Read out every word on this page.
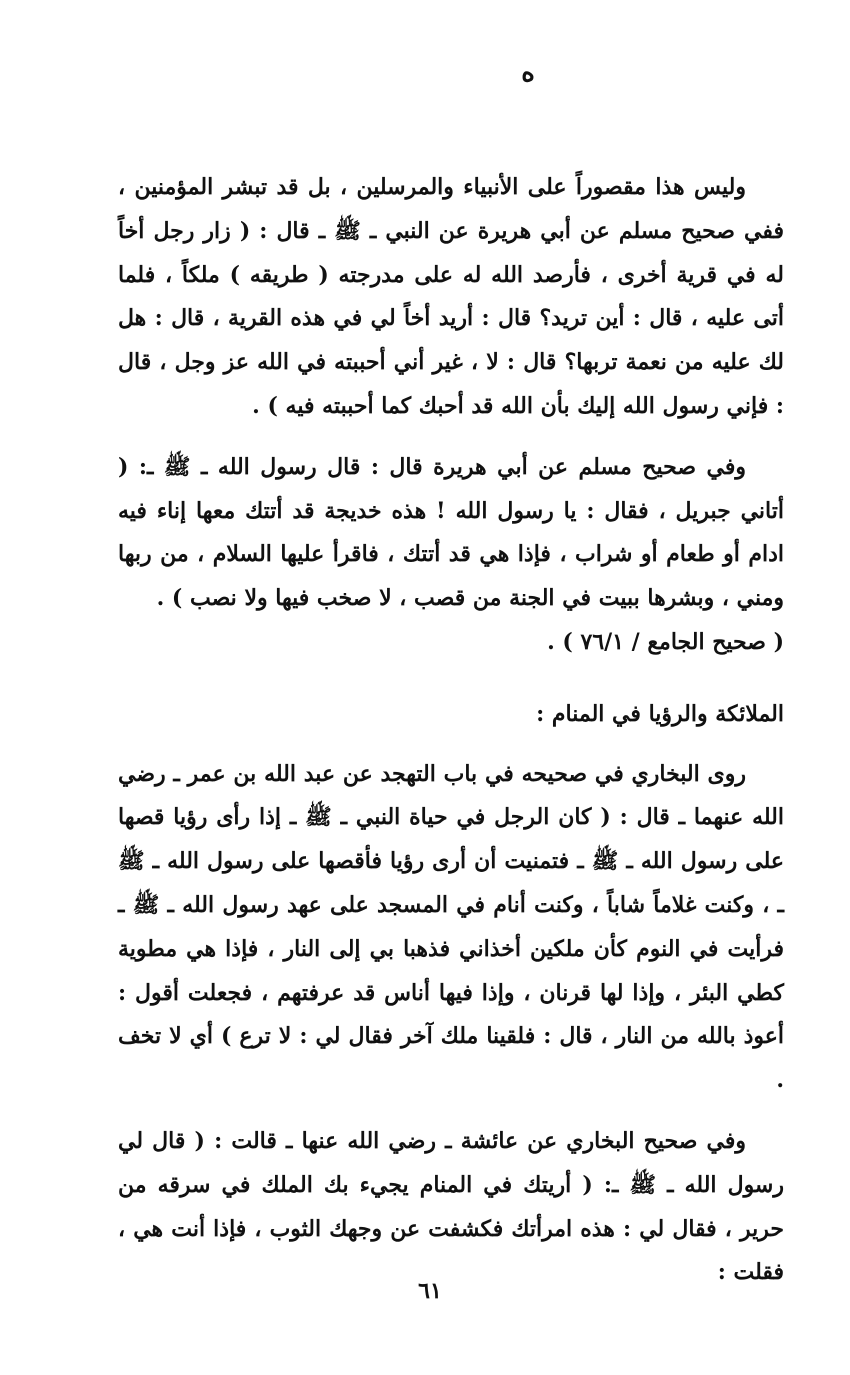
ه

وليس هذا مقصوراً على الأنبياء والمرسلين ، بل قد تبشر المؤمنين ، ففي صحيح مسلم عن أبي هريرة عن النبي ـ ﷺ ـ قال : ( زار رجل أخاً له في قرية أخرى ، فأرصد الله له على مدرجته ( طريقه ) ملكاً ، فلما أتى عليه ، قال : أين تريد؟ قال : أريد أخاً لي في هذه القرية ، قال : هل لك عليه من نعمة تربها؟ قال : لا ، غير أني أحببته في الله عز وجل ، قال : فإني رسول الله إليك بأن الله قد أحبك كما أحببته فيه ) .

وفي صحيح مسلم عن أبي هريرة قال : قال رسول الله ـ ﷺ ـ: ( أتاني جبريل ، فقال : يا رسول الله ! هذه خديجة قد أتتك معها إناء فيه ادام أو طعام أو شراب ، فإذا هي قد أتتك ، فاقرأ عليها السلام ، من ربها ومني ، وبشرها ببيت في الجنة من قصب ، لا صخب فيها ولا نصب ) .

( صحيح الجامع / ٧٦/١ ) .

الملائكة والرؤيا في المنام :

روى البخاري في صحيحه في باب التهجد عن عبد الله بن عمر ـ رضي الله عنهما ـ قال : ( كان الرجل في حياة النبي ـ ﷺ ـ إذا رأى رؤيا قصها على رسول الله ـ ﷺ ـ فتمنيت أن أرى رؤيا فأقصها على رسول الله ـ ﷺ ـ ، وكنت غلاماً شاباً ، وكنت أنام في المسجد على عهد رسول الله ـ ﷺ ـ فرأيت في النوم كأن ملكين أخذاني فذهبا بي إلى النار ، فإذا هي مطوية كطي البئر ، وإذا لها قرنان ، وإذا فيها أناس قد عرفتهم ، فجعلت أقول : أعوذ بالله من النار ، قال : فلقينا ملك آخر فقال لي : لا ترع ) أي لا تخف .

وفي صحيح البخاري عن عائشة ـ رضي الله عنها ـ قالت : ( قال لي رسول الله ـ ﷺ ـ: ( أريتك في المنام يجيء بك الملك في سرقه من حرير ، فقال لي : هذه امرأتك فكشفت عن وجهك الثوب ، فإذا أنت هي ، فقلت :

٦١
